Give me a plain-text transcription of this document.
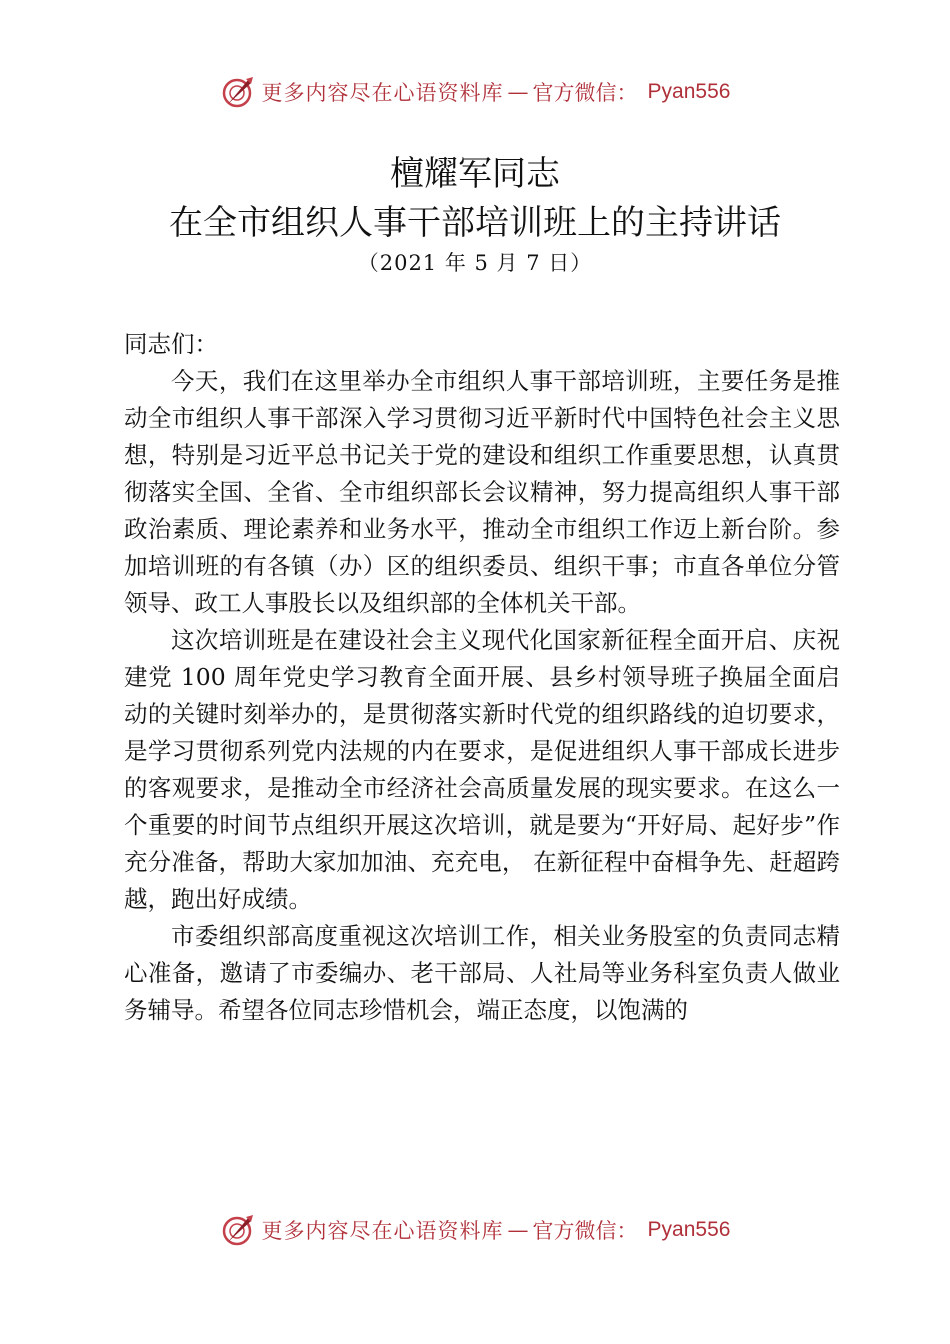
更多内容尽在心语资料库 — 官方微信： Pyan556
檀耀军同志
在全市组织人事干部培训班上的主持讲话

（2021 年 5 月 7 日）

同志们：

今天，我们在这里举办全市组织人事干部培训班，主要任务是推动全市组织人事干部深入学习贯彻习近平新时代中国特色社会主义思想，特别是习近平总书记关于党的建设和组织工作重要思想，认真贯彻落实全国、全省、全市组织部长会议精神，努力提高组织人事干部政治素质、理论素养和业务水平，推动全市组织工作迈上新台阶。参加培训班的有各镇（办）区的组织委员、组织干事；市直各单位分管领导、政工人事股长以及组织部的全体机关干部。

这次培训班是在建设社会主义现代化国家新征程全面开启、庆祝建党 100 周年党史学习教育全面开展、县乡村领导班子换届全面启动的关键时刻举办的，是贯彻落实新时代党的组织路线的迫切要求，是学习贯彻系列党内法规的内在要求，是促进组织人事干部成长进步的客观要求，是推动全市经济社会高质量发展的现实要求。在这么一个重要的时间节点组织开展这次培训，就是要为“开好局、起好步”作充分准备，帮助大家加加油、充充电， 在新征程中奋楫争先、赶超跨越，跑出好成绩。

市委组织部高度重视这次培训工作，相关业务股室的负责同志精心准备，邀请了市委编办、老干部局、人社局等业务科室负责人做业务辅导。希望各位同志珍惜机会，端正态度，以饱满的

更多内容尽在心语资料库 — 官方微信： Pyan556
